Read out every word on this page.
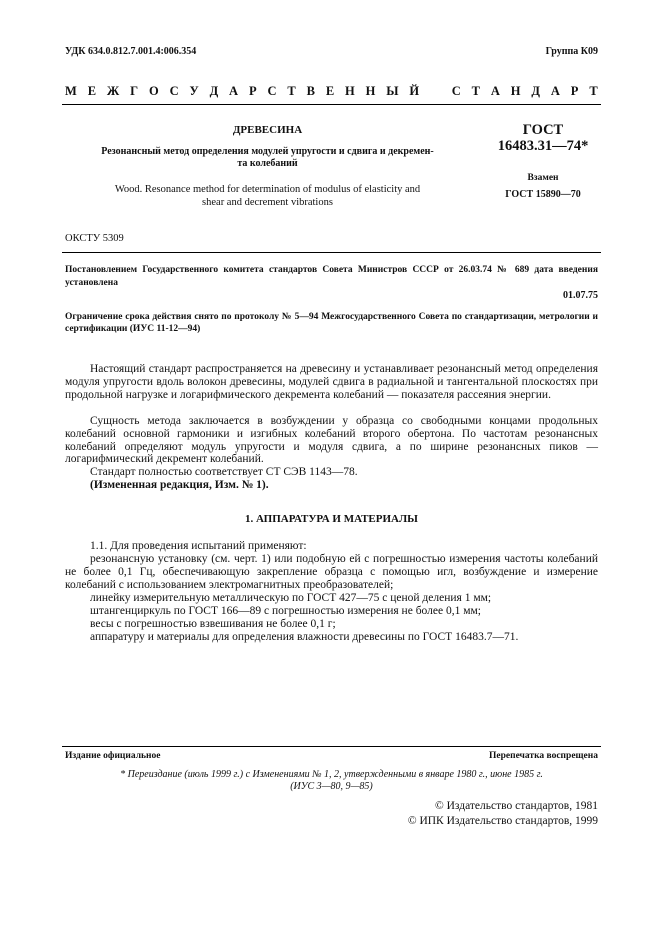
УДК 634.0.812.7.001.4:006.354	Группа К09
М Е Ж Г О С У Д А Р С Т В Е Н Н Ы Й	С Т А Н Д А Р Т
ДРЕВЕСИНА
Резонансный метод определения модулей упругости и сдвига и декремен-
та колебаний
Wood. Resonance method for determination of modulus of elasticity and
shear and decrement vibrations
ГОСТ
16483.31—74*
Взамен
ГОСТ 15890—70
ОКСТУ 5309
Постановлением Государственного комитета стандартов Совета Министров СССР от 26.03.74 № 689 дата введения установлена
01.07.75
Ограничение срока действия снято по протоколу № 5—94 Межгосударственного Совета по стандартизации, метрологии и сертификации (ИУС 11-12—94)
Настоящий стандарт распространяется на древесину и устанавливает резонансный метод определения модуля упругости вдоль волокон древесины, модулей сдвига в радиальной и тангентальной плоскостях при продольной нагрузке и логарифмического декремента колебаний — показателя рассеяния энергии.
Сущность метода заключается в возбуждении у образца со свободными концами продольных колебаний основной гармоники и изгибных колебаний второго обертона. По частотам резонансных колебаний определяют модуль упругости и модуля сдвига, а по ширине резонансных пиков — логарифмический декремент колебаний.
Стандарт полностью соответствует СТ СЭВ 1143—78.
(Измененная редакция, Изм. № 1).
1. АППАРАТУРА И МАТЕРИАЛЫ
1.1. Для проведения испытаний применяют:
резонансную установку (см. черт. 1) или подобную ей с погрешностью измерения частоты колебаний не более 0,1 Гц, обеспечивающую закрепление образца с помощью игл, возбуждение и измерение колебаний с использованием электромагнитных преобразователей;
линейку измерительную металлическую по ГОСТ 427—75 с ценой деления 1 мм;
штангенциркуль по ГОСТ 166—89 с погрешностью измерения не более 0,1 мм;
весы с погрешностью взвешивания не более 0,1 г;
аппаратуру и материалы для определения влажности древесины по ГОСТ 16483.7—71.
Издание официальное	Перепечатка воспрещена
* Переиздание (июль 1999 г.) с Изменениями № 1, 2, утвержденными в январе 1980 г., июне 1985 г.
(ИУС 3—80, 9—85)
© Издательство стандартов, 1981
© ИПК Издательство стандартов, 1999
